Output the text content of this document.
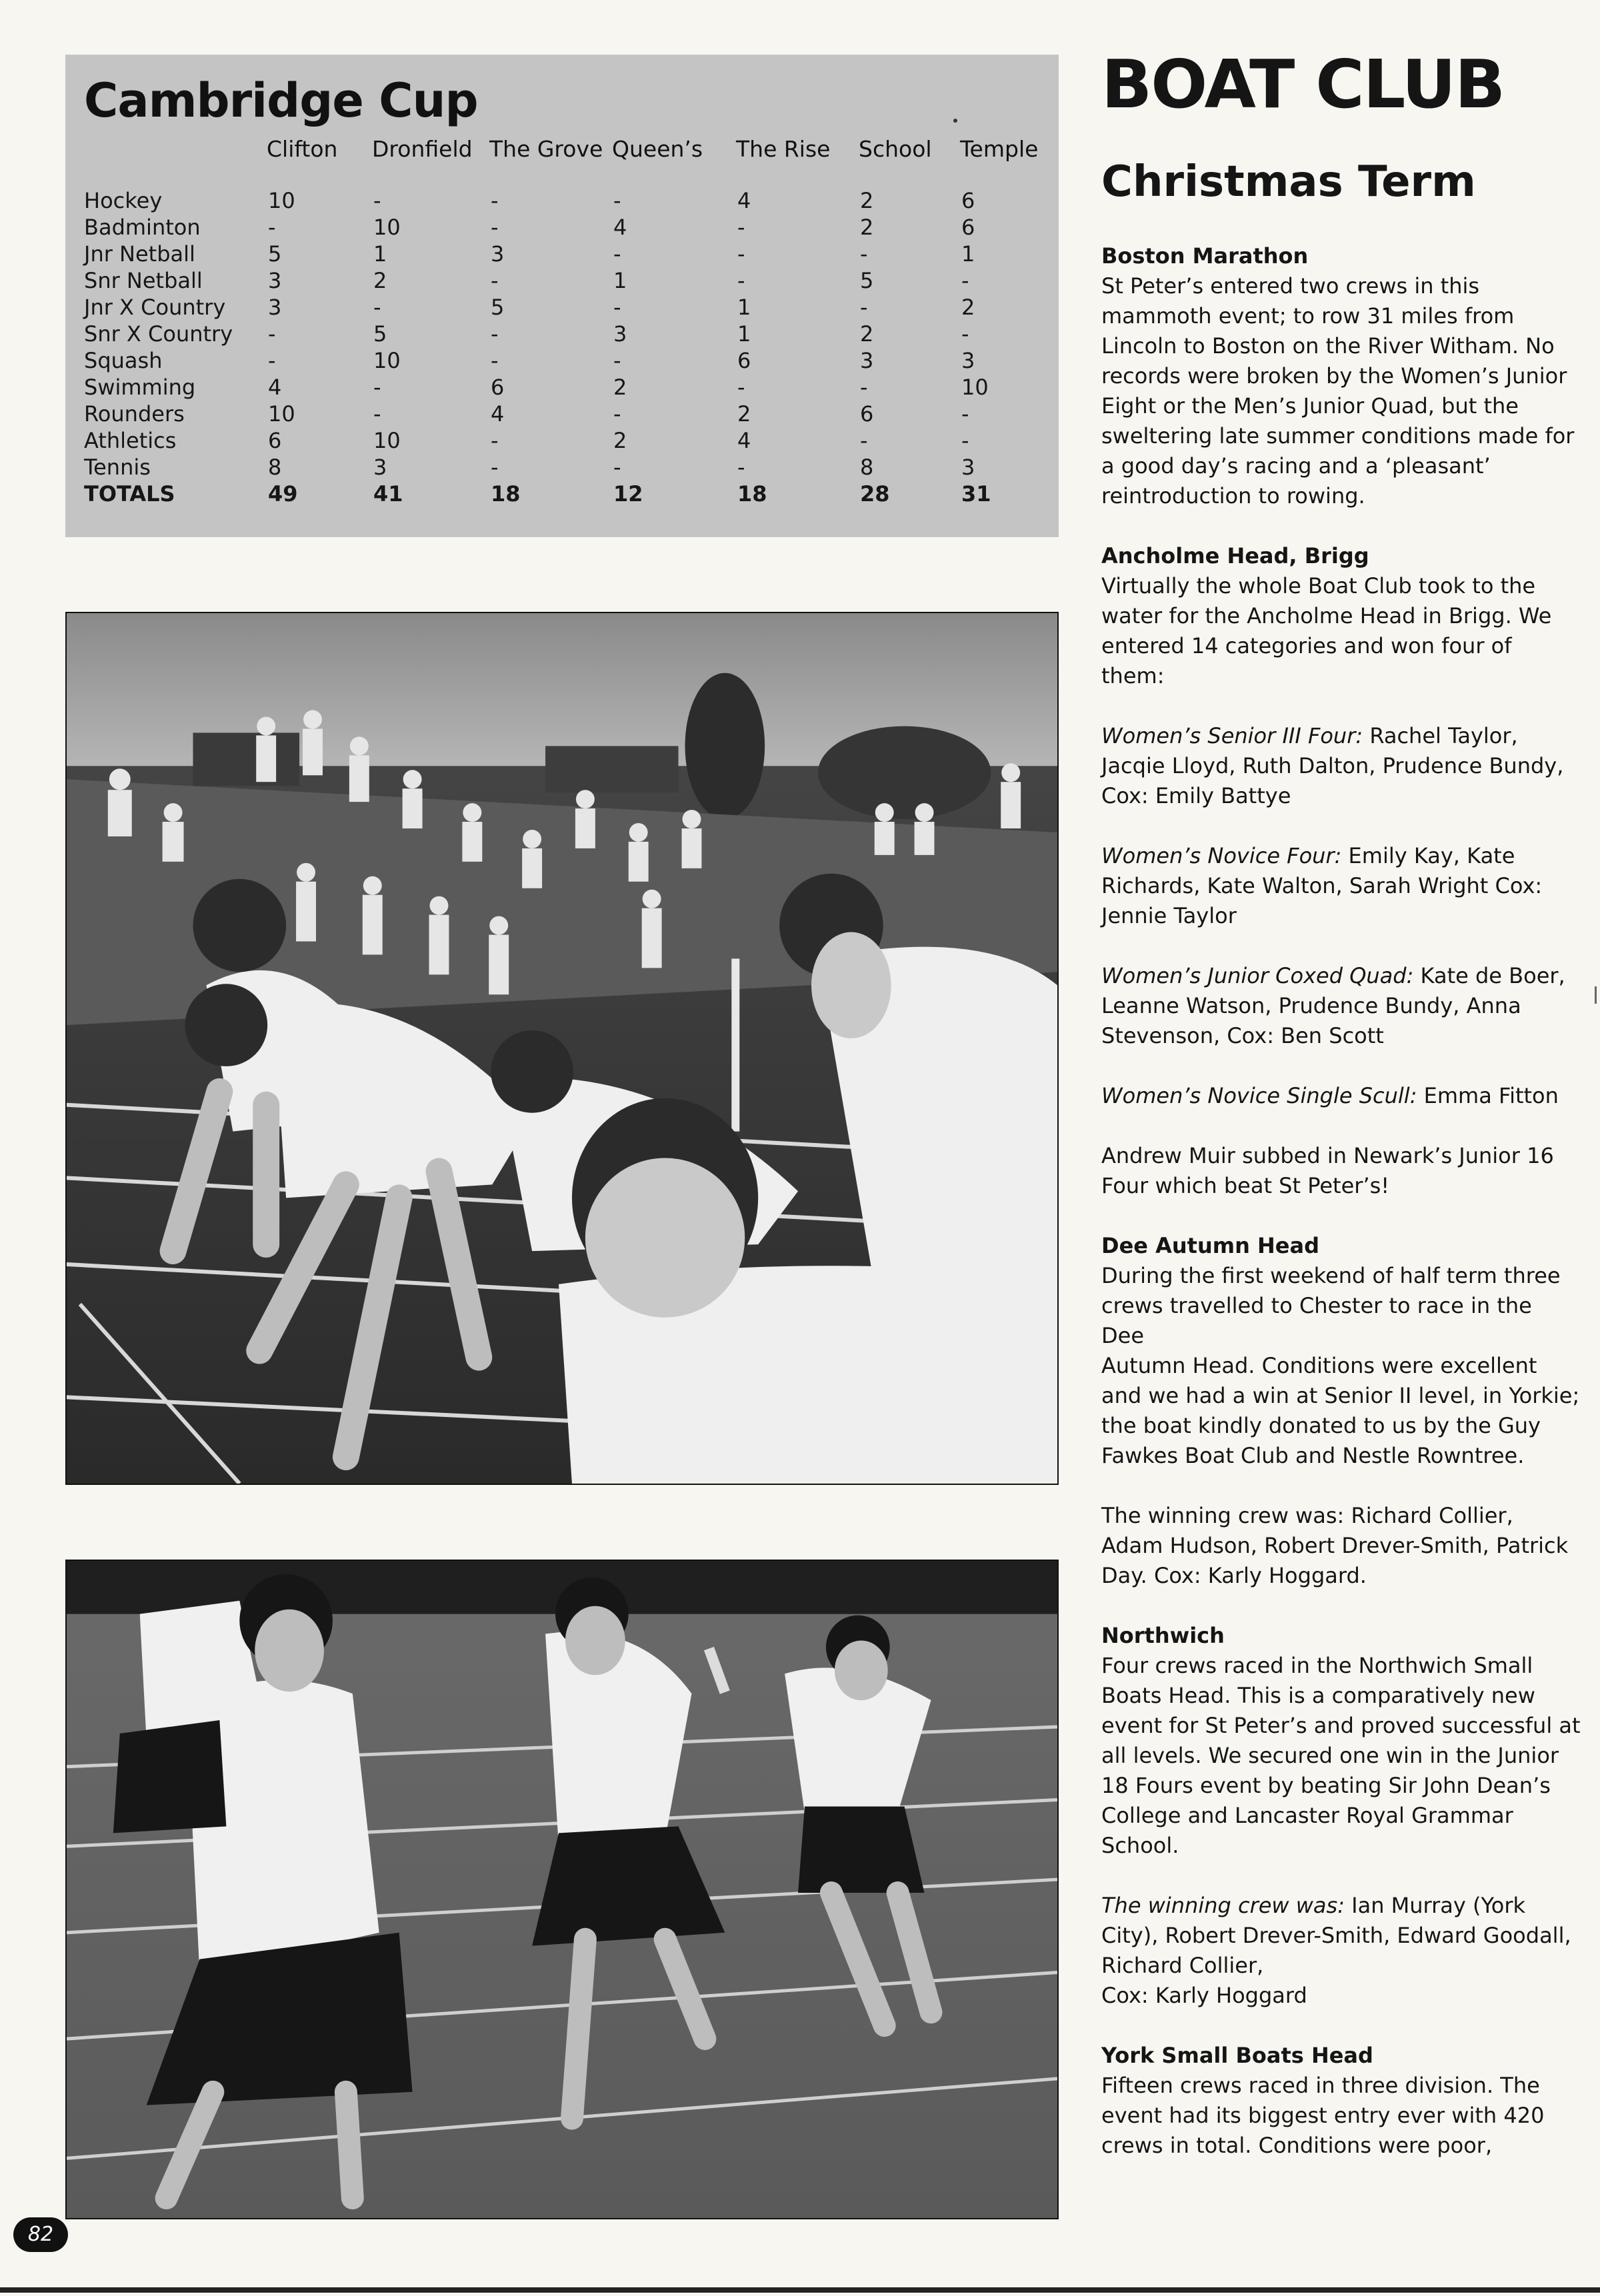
Cambridge Cup
Clifton Dronfield The Grove Queen’s The Rise School Temple
Hockey	10	-	-	-	4	2	6
Badminton	-	10	-	4	-	2	6
Jnr Netball	5	1	3	-	-	-	1
Snr Netball	3	2	-	1	-	5	-
Jnr X Country 3	-	5	-	1	-	2
Snr X Country -	5	-	3	1	2	-
Squash	-	10	-	-	6	3	3
Swimming	4	-	6	2	-	-	10
Rounders	10	-	4	-	2	6	-
Athletics	6	10	-	2	4	-	-
Tennis	8	3	-	-	-	8	3
TOTALS	49	41	18	12	18	28	31
BOAT CLUB
Christmas Term
Boston Marathon

St Peter’s entered two crews in this mammoth event; to row 31 miles from Lincoln to Boston on the River Witham. No records were broken by the Women’s Junior Eight or the Men’s Junior Quad, but the sweltering late summer conditions made for a good day’s racing and a ‘pleasant’ reintroduction to rowing.

Ancholme Head, Brigg

Virtually the whole Boat Club took to the water for the Ancholme Head in Brigg. We entered 14 categories and won four of them:

Women’s Senior III Four: Rachel Taylor, Jacqie Lloyd, Ruth Dalton, Prudence Bundy, Cox: Emily Battye

Women’s Novice Four: Emily Kay, Kate Richards, Kate Walton, Sarah Wright Cox: Jennie Taylor

Women’s Junior Coxed Quad: Kate de Boer, Leanne Watson, Prudence Bundy, Anna Stevenson, Cox: Ben Scott

Women’s Novice Single Scull: Emma Fitton

Andrew Muir subbed in Newark’s Junior 16 Four which beat St Peter’s!

Dee Autumn Head

During the first weekend of half term three crews travelled to Chester to race in the Dee

Autumn Head. Conditions were excellent and we had a win at Senior II level, in Yorkie; the boat kindly donated to us by the Guy Fawkes Boat Club and Nestle Rowntree.

The winning crew was: Richard Collier, Adam Hudson, Robert Drever-Smith, Patrick Day. Cox: Karly Hoggard.

Northwich

Four crews raced in the Northwich Small Boats Head. This is a comparatively new event for St Peter’s and proved successful at all levels. We secured one win in the Junior 18 Fours event by beating Sir John Dean’s College and Lancaster Royal Grammar School.

The winning crew was: Ian Murray (York City), Robert Drever-Smith, Edward Goodall, Richard Collier,

Cox: Karly Hoggard

York Small Boats Head

Fifteen crews raced in three division. The event had its biggest entry ever with 420 crews in total. Conditions were poor,

82
